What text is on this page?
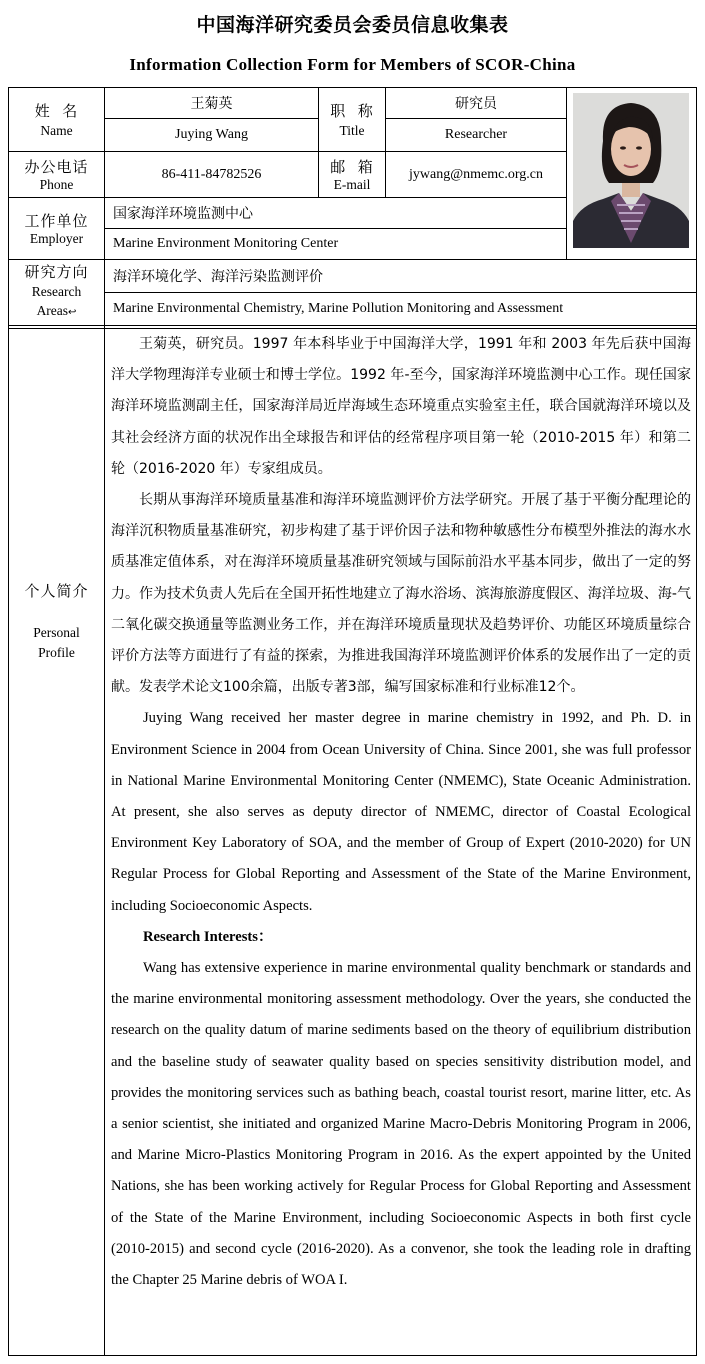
中国海洋研究委员会委员信息收集表
Information Collection Form for Members of SCOR-China
姓  名
Name
王菊英
Juying Wang
职  称
Title
研究员
Researcher
办公电话
Phone
86-411-84782526	邮  箱
E-mail
jywang@nmemc.org.cn
工作单位
Employer
国家海洋环境监测中心
Marine Environment Monitoring Center
研究方向
Research
Areas↩
海洋环境化学、海洋污染监测评价
Marine Environmental Chemistry, Marine Pollution Monitoring and Assessment
个人简介
Personal
Profile

王菊英，研究员。1997 年本科毕业于中国海洋大学，1991 年和 2003 年先后获中国海洋大学物理海洋专业硕士和博士学位。1992 年-至今，国家海洋环境监测中心工作。现任国家海洋环境监测副主任，国家海洋局近岸海域生态环境重点实验室主任，联合国就海洋环境以及其社会经济方面的状况作出全球报告和评估的经常程序项目第一轮（2010-2015 年）和第二轮（2016-2020 年）专家组成员。

长期从事海洋环境质量基准和海洋环境监测评价方法学研究。开展了基于平衡分配理论的海洋沉积物质量基准研究，初步构建了基于评价因子法和物种敏感性分布模型外推法的海水水质基准定值体系，对在海洋环境质量基准研究领域与国际前沿水平基本同步，做出了一定的努力。作为技术负责人先后在全国开拓性地建立了海水浴场、滨海旅游度假区、海洋垃圾、海-气二氧化碳交换通量等监测业务工作，并在海洋环境质量现状及趋势评价、功能区环境质量综合评价方法等方面进行了有益的探索，为推进我国海洋环境监测评价体系的发展作出了一定的贡献。发表学术论文100余篇，出版专著3部，编写国家标准和行业标准12个。

Juying Wang received her master degree in marine chemistry in 1992, and Ph. D. in Environment Science in 2004 from Ocean University of China. Since 2001, she was full professor in National Marine Environmental Monitoring Center (NMEMC), State Oceanic Administration. At present, she also serves as deputy director of NMEMC, director of Coastal Ecological Environment Key Laboratory of SOA, and the member of Group of Expert (2010-2020) for UN Regular Process for Global Reporting and Assessment of the State of the Marine Environment, including Socioeconomic Aspects.

Research Interests：

Wang has extensive experience in marine environmental quality benchmark or standards and the marine environmental monitoring assessment methodology. Over the years, she conducted the research on the quality datum of marine sediments based on the theory of equilibrium distribution and the baseline study of seawater quality based on species sensitivity distribution model, and provides the monitoring services such as bathing beach, coastal tourist resort, marine litter, etc. As a senior scientist, she initiated and organized Marine Macro-Debris Monitoring Program in 2006, and Marine Micro-Plastics Monitoring Program in 2016. As the expert appointed by the United Nations, she has been working actively for Regular Process for Global Reporting and Assessment of the State of the Marine Environment, including Socioeconomic Aspects in both first cycle (2010-2015) and second cycle (2016-2020). As a convenor, she took the leading role in drafting the Chapter 25 Marine debris of WOA I.
